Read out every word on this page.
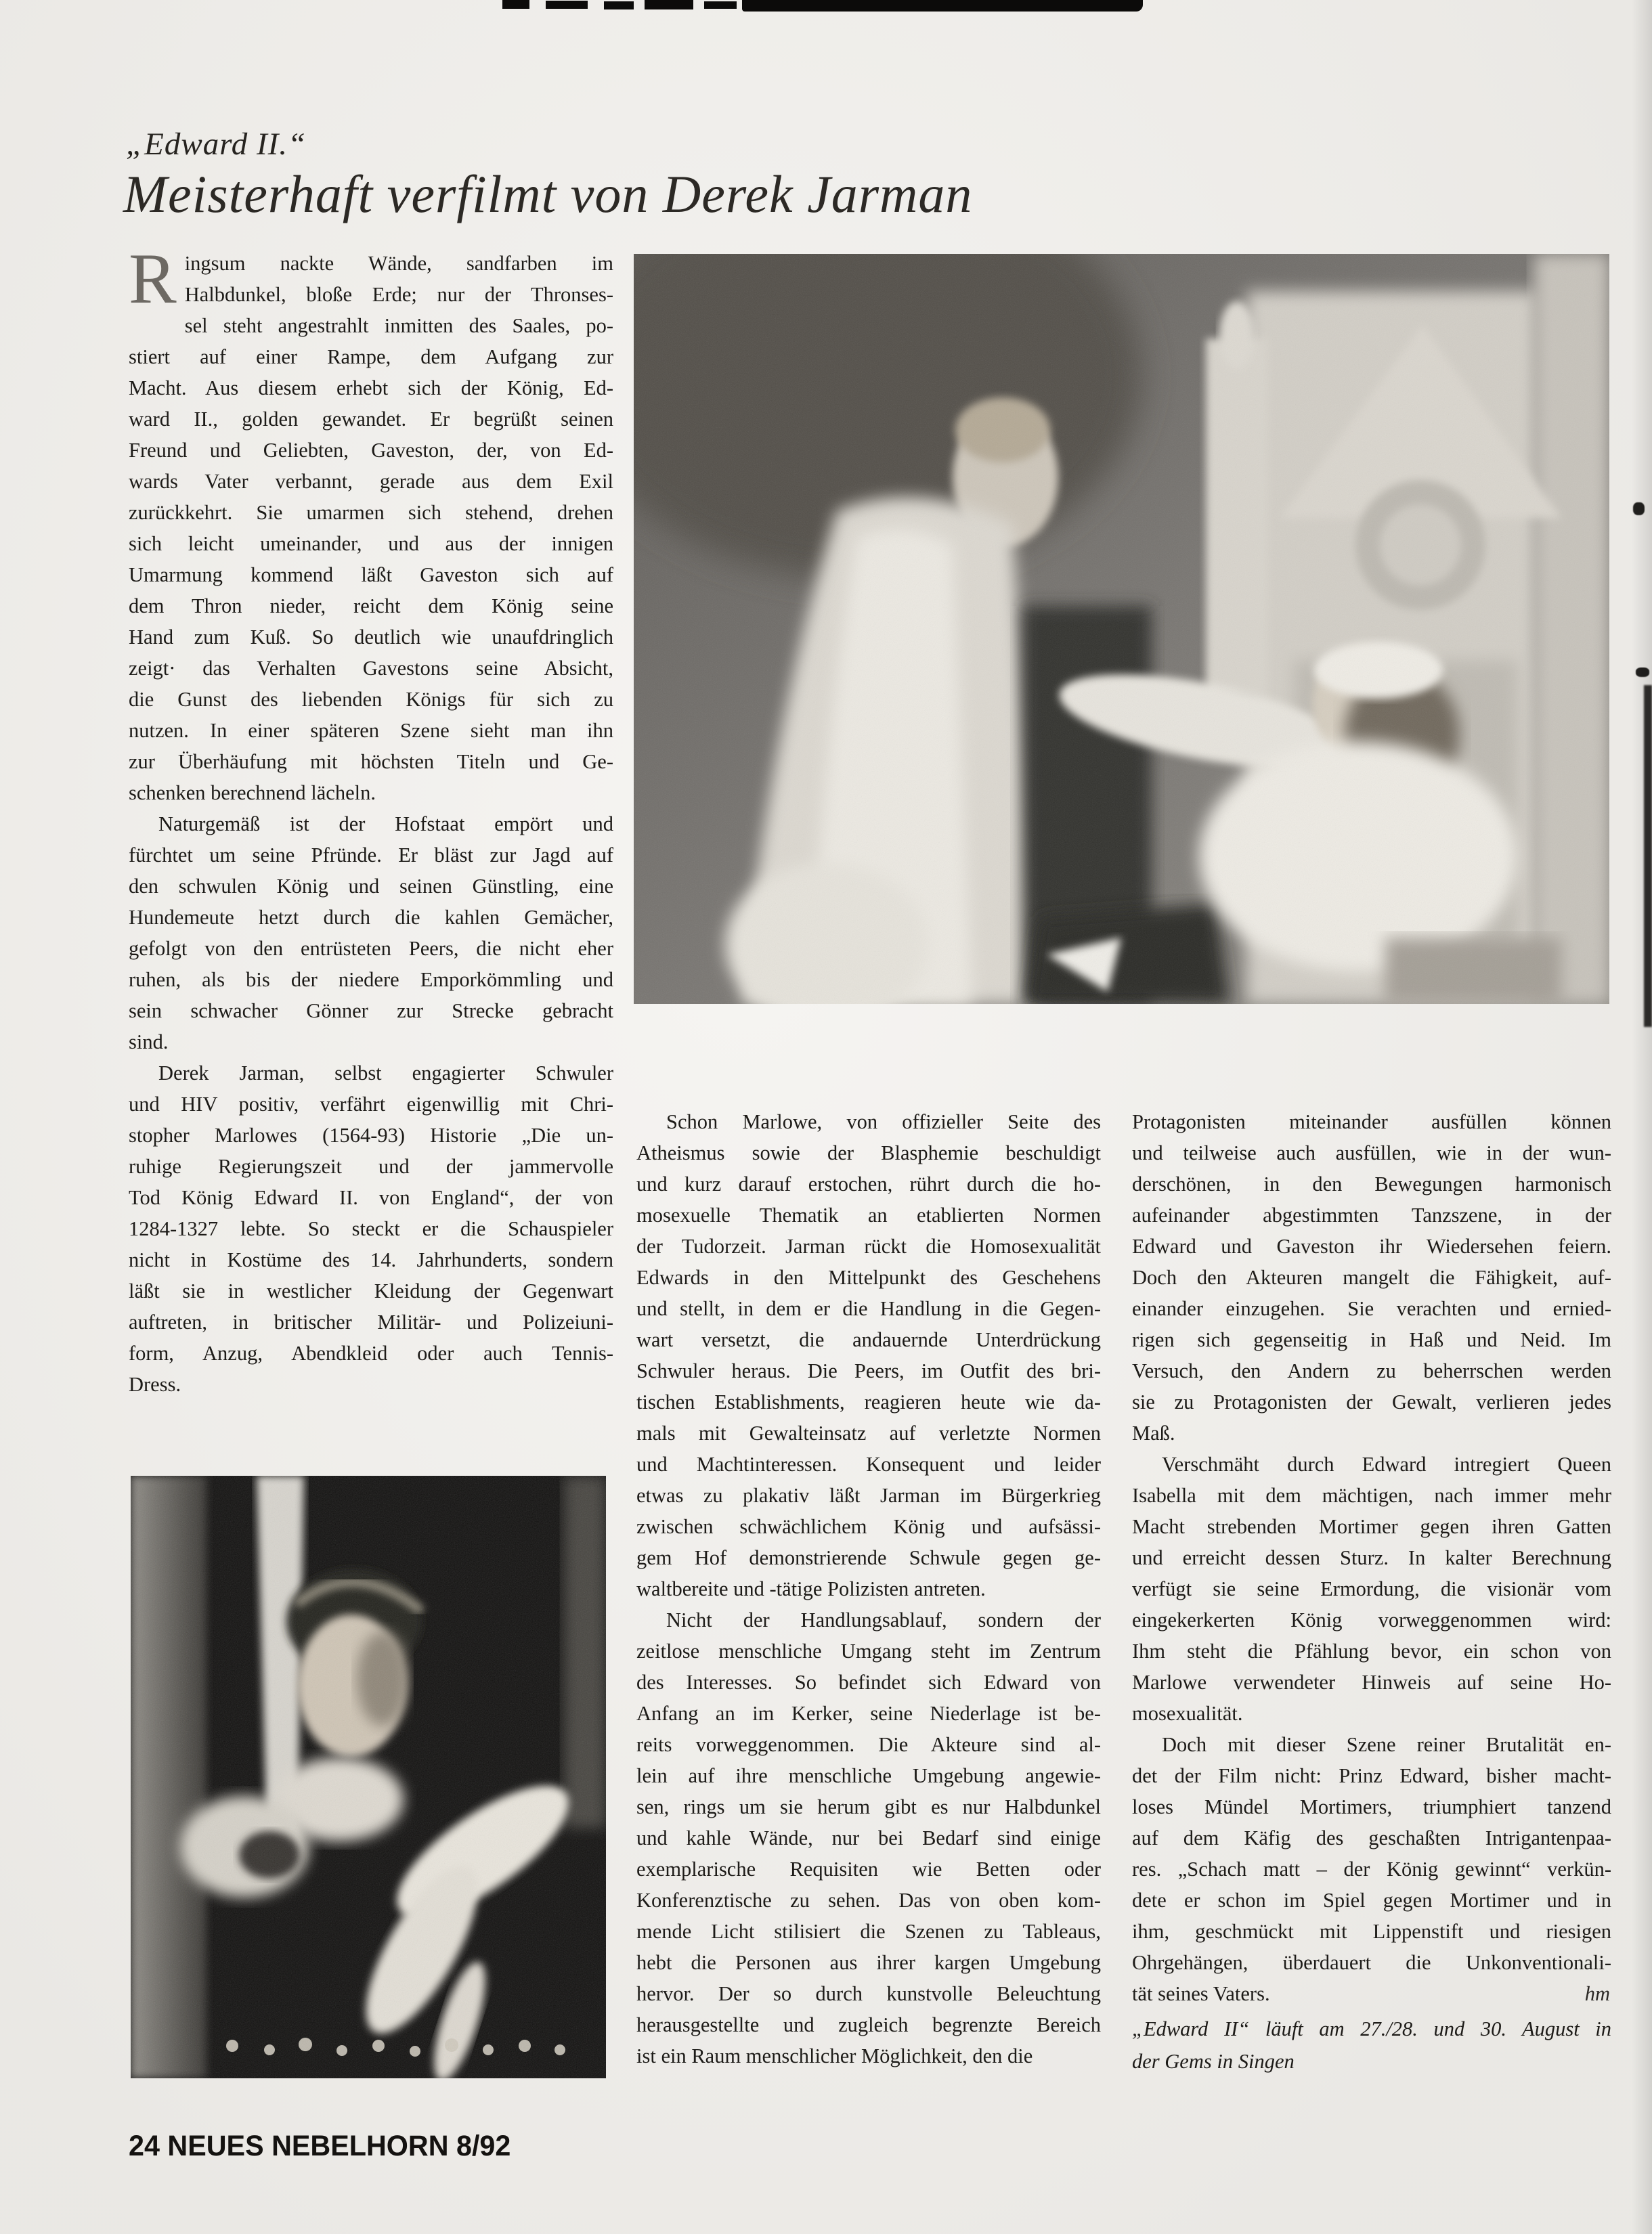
„Edward II.“
Meisterhaft verfilmt von Derek Jarman
R ingsum nackte Wände, sandfarben im
Halbdunkel, bloße Erde; nur der Thronses-
sel steht angestrahlt inmitten des Saales, po-
stiert auf einer Rampe, dem Aufgang zur
Macht. Aus diesem erhebt sich der König, Ed-
ward II., golden gewandet. Er begrüßt seinen
Freund und Geliebten, Gaveston, der, von Ed-
wards Vater verbannt, gerade aus dem Exil
zurückkehrt. Sie umarmen sich stehend, drehen
sich leicht umeinander, und aus der innigen
Umarmung kommend läßt Gaveston sich auf
dem Thron nieder, reicht dem König seine
Hand zum Kuß. So deutlich wie unaufdringlich
zeigt· das Verhalten Gavestons seine Absicht,
die Gunst des liebenden Königs für sich zu
nutzen. In einer späteren Szene sieht man ihn
zur Überhäufung mit höchsten Titeln und Ge-
schenken berechnend lächeln.
Naturgemäß ist der Hofstaat empört und
fürchtet um seine Pfründe. Er bläst zur Jagd auf
den schwulen König und seinen Günstling, eine
Hundemeute hetzt durch die kahlen Gemächer,
gefolgt von den entrüsteten Peers, die nicht eher
ruhen, als bis der niedere Emporkömmling und
sein schwacher Gönner zur Strecke gebracht
sind.
Derek Jarman, selbst engagierter Schwuler
und HIV positiv, verfährt eigenwillig mit Chri-
stopher Marlowes (1564-93) Historie „Die un-
ruhige Regierungszeit und der jammervolle
Tod König Edward II. von England“, der von
1284-1327 lebte. So steckt er die Schauspieler
nicht in Kostüme des 14. Jahrhunderts, sondern
läßt sie in westlicher Kleidung der Gegenwart
auftreten, in britischer Militär- und Polizeiuni-
form, Anzug, Abendkleid oder auch Tennis-
Dress.
Schon Marlowe, von offizieller Seite des
Atheismus sowie der Blasphemie beschuldigt
und kurz darauf erstochen, rührt durch die ho-
mosexuelle Thematik an etablierten Normen
der Tudorzeit. Jarman rückt die Homosexualität
Edwards in den Mittelpunkt des Geschehens
und stellt, in dem er die Handlung in die Gegen-
wart versetzt, die andauernde Unterdrückung
Schwuler heraus. Die Peers, im Outfit des bri-
tischen Establishments, reagieren heute wie da-
mals mit Gewalteinsatz auf verletzte Normen
und Machtinteressen. Konsequent und leider
etwas zu plakativ läßt Jarman im Bürgerkrieg
zwischen schwächlichem König und aufsässi-
gem Hof demonstrierende Schwule gegen ge-
waltbereite und -tätige Polizisten antreten.
Nicht der Handlungsablauf, sondern der
zeitlose menschliche Umgang steht im Zentrum
des Interesses. So befindet sich Edward von
Anfang an im Kerker, seine Niederlage ist be-
reits vorweggenommen. Die Akteure sind al-
lein auf ihre menschliche Umgebung angewie-
sen, rings um sie herum gibt es nur Halbdunkel
und kahle Wände, nur bei Bedarf sind einige
exemplarische Requisiten wie Betten oder
Konferenztische zu sehen. Das von oben kom-
mende Licht stilisiert die Szenen zu Tableaus,
hebt die Personen aus ihrer kargen Umgebung
hervor. Der so durch kunstvolle Beleuchtung
herausgestellte und zugleich begrenzte Bereich
ist ein Raum menschlicher Möglichkeit, den die
Protagonisten miteinander ausfüllen können
und teilweise auch ausfüllen, wie in der wun-
derschönen, in den Bewegungen harmonisch
aufeinander abgestimmten Tanzszene, in der
Edward und Gaveston ihr Wiedersehen feiern.
Doch den Akteuren mangelt die Fähigkeit, auf-
einander einzugehen. Sie verachten und ernied-
rigen sich gegenseitig in Haß und Neid. Im
Versuch, den Andern zu beherrschen werden
sie zu Protagonisten der Gewalt, verlieren jedes
Maß.
Verschmäht durch Edward intregiert Queen
Isabella mit dem mächtigen, nach immer mehr
Macht strebenden Mortimer gegen ihren Gatten
und erreicht dessen Sturz. In kalter Berechnung
verfügt sie seine Ermordung, die visionär vom
eingekerkerten König vorweggenommen wird:
Ihm steht die Pfählung bevor, ein schon von
Marlowe verwendeter Hinweis auf seine Ho-
mosexualität.
Doch mit dieser Szene reiner Brutalität en-
det der Film nicht: Prinz Edward, bisher macht-
loses Mündel Mortimers, triumphiert tanzend
auf dem Käfig des geschaßten Intrigantenpaa-
res. „Schach matt – der König gewinnt“ verkün-
dete er schon im Spiel gegen Mortimer und in
ihm, geschmückt mit Lippenstift und riesigen
Ohrgehängen, überdauert die Unkonventionali-
tät seines Vaters.	hm
„Edward II“ läuft am 27./28. und 30. August in
der Gems in Singen
24 NEUES NEBELHORN 8/92
